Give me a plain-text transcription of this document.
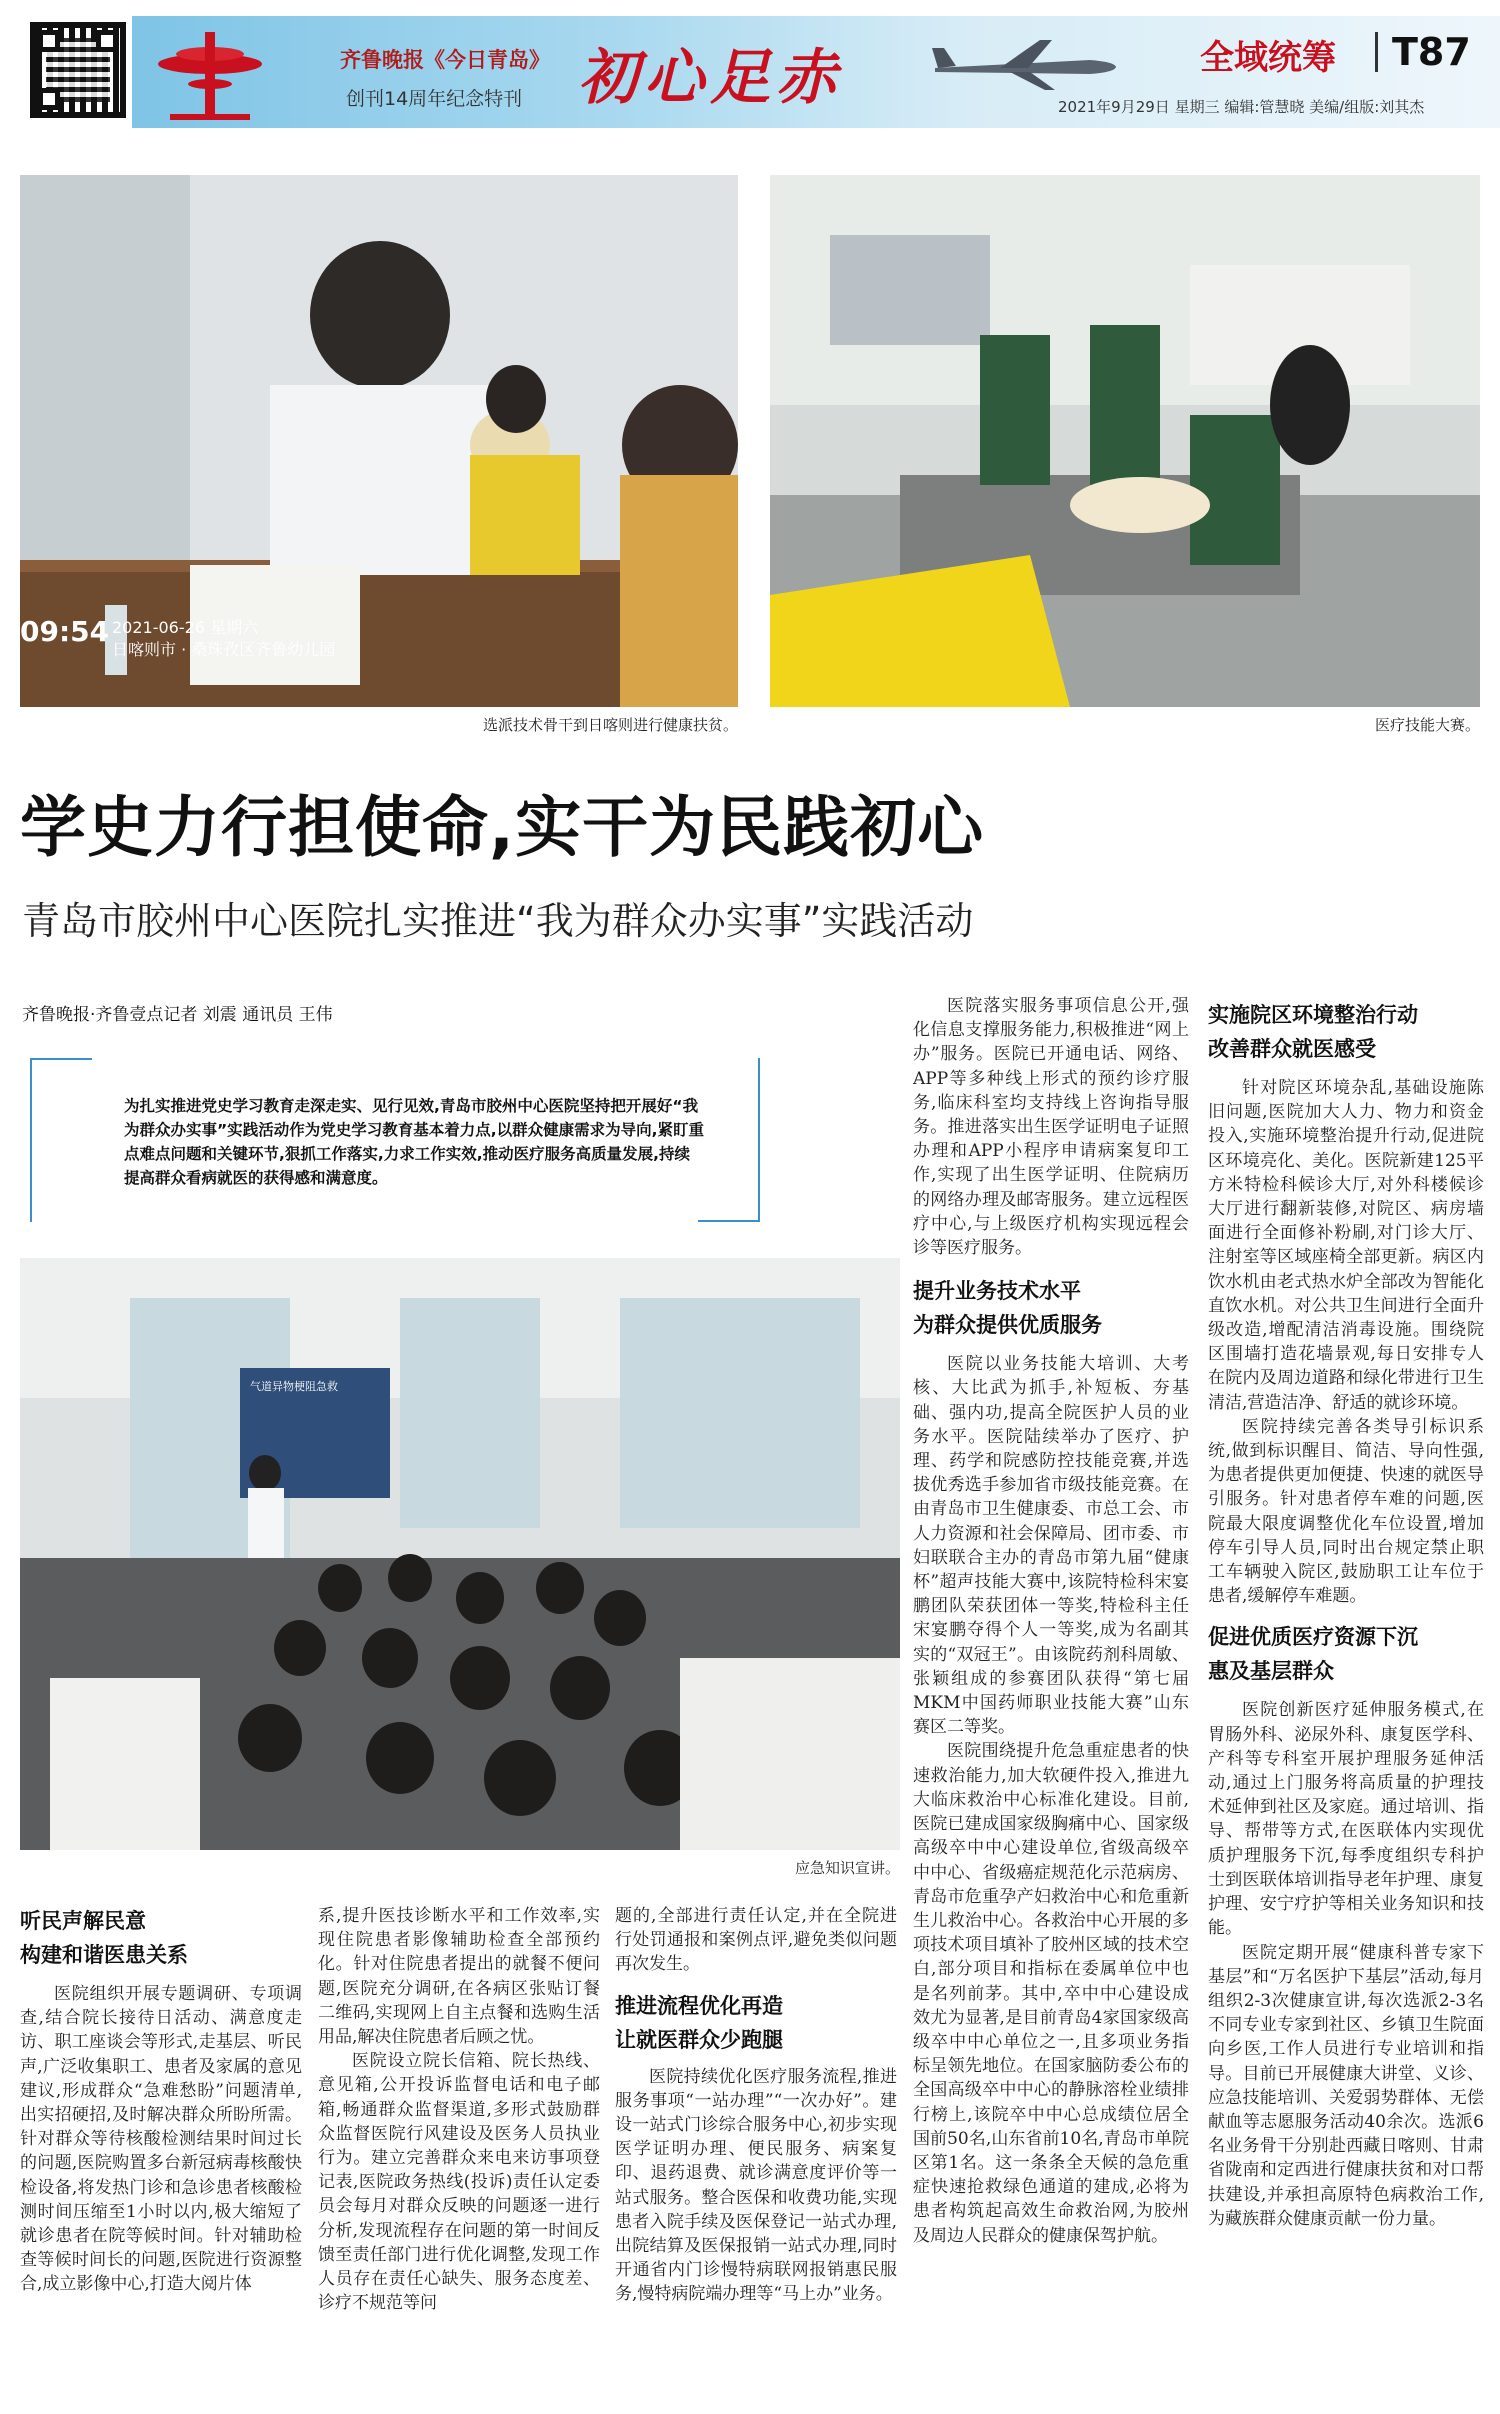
齐鲁晚报《今日青岛》
创刊14周年纪念特刊 初心足赤	全域统筹 T87
2021年9月29日 星期三 编辑:管慧晓 美编/组版:刘其杰
09:54 2021-06-26 星期六
日喀则市 · 桑珠孜区齐鲁幼儿园
选派技术骨干到日喀则进行健康扶贫。	医疗技能大赛。
学史力行担使命,实干为民践初心
青岛市胶州中心医院扎实推进“我为群众办实事”实践活动
齐鲁晚报·齐鲁壹点记者 刘震 通讯员 王伟
为扎实推进党史学习教育走深走实、见行见效,青岛市胶州中心医院坚持把开展好“我为群众办实事”实践活动作为党史学习教育基本着力点,以群众健康需求为导向,紧盯重点难点问题和关键环节,狠抓工作落实,力求工作实效,推动医疗服务高质量发展,持续提高群众看病就医的获得感和满意度。
气道异物梗阻急救
应急知识宣讲。
听民声解民意
构建和谐医患关系

医院组织开展专题调研、专项调查,结合院长接待日活动、满意度走访、职工座谈会等形式,走基层、听民声,广泛收集职工、患者及家属的意见建议,形成群众“急难愁盼”问题清单,出实招硬招,及时解决群众所盼所需。针对群众等待核酸检测结果时间过长的问题,医院购置多台新冠病毒核酸快检设备,将发热门诊和急诊患者核酸检测时间压缩至1小时以内,极大缩短了就诊患者在院等候时间。针对辅助检查等候时间长的问题,医院进行资源整合,成立影像中心,打造大阅片体

系,提升医技诊断水平和工作效率,实现住院患者影像辅助检查全部预约化。针对住院患者提出的就餐不便问题,医院充分调研,在各病区张贴订餐二维码,实现网上自主点餐和选购生活用品,解决住院患者后顾之忧。

医院设立院长信箱、院长热线、意见箱,公开投诉监督电话和电子邮箱,畅通群众监督渠道,多形式鼓励群众监督医院行风建设及医务人员执业行为。建立完善群众来电来访事项登记表,医院政务热线(投诉)责任认定委员会每月对群众反映的问题逐一进行分析,发现流程存在问题的第一时间反馈至责任部门进行优化调整,发现工作人员存在责任心缺失、服务态度差、诊疗不规范等问

题的,全部进行责任认定,并在全院进行处罚通报和案例点评,避免类似问题再次发生。

推进流程优化再造
让就医群众少跑腿

医院持续优化医疗服务流程,推进服务事项“一站办理”“一次办好”。建设一站式门诊综合服务中心,初步实现医学证明办理、便民服务、病案复印、退药退费、就诊满意度评价等一站式服务。整合医保和收费功能,实现患者入院手续及医保登记一站式办理,出院结算及医保报销一站式办理,同时开通省内门诊慢特病联网报销惠民服务,慢特病院端办理等“马上办”业务。

医院落实服务事项信息公开,强化信息支撑服务能力,积极推进“网上办”服务。医院已开通电话、网络、APP等多种线上形式的预约诊疗服务,临床科室均支持线上咨询指导服务。推进落实出生医学证明电子证照办理和APP小程序申请病案复印工作,实现了出生医学证明、住院病历的网络办理及邮寄服务。建立远程医疗中心,与上级医疗机构实现远程会诊等医疗服务。

提升业务技术水平
为群众提供优质服务

医院以业务技能大培训、大考核、大比武为抓手,补短板、夯基础、强内功,提高全院医护人员的业务水平。医院陆续举办了医疗、护理、药学和院感防控技能竞赛,并选拔优秀选手参加省市级技能竞赛。在由青岛市卫生健康委、市总工会、市人力资源和社会保障局、团市委、市妇联联合主办的青岛市第九届“健康杯”超声技能大赛中,该院特检科宋宴鹏团队荣获团体一等奖,特检科主任宋宴鹏夺得个人一等奖,成为名副其实的“双冠王”。由该院药剂科周敏、张颖组成的参赛团队获得“第七届MKM中国药师职业技能大赛”山东赛区二等奖。

医院围绕提升危急重症患者的快速救治能力,加大软硬件投入,推进九大临床救治中心标准化建设。目前,医院已建成国家级胸痛中心、国家级高级卒中中心建设单位,省级高级卒中中心、省级癌症规范化示范病房、青岛市危重孕产妇救治中心和危重新生儿救治中心。各救治中心开展的多项技术项目填补了胶州区域的技术空白,部分项目和指标在委属单位中也是名列前茅。其中,卒中中心建设成效尤为显著,是目前青岛4家国家级高级卒中中心单位之一,且多项业务指标呈领先地位。在国家脑防委公布的全国高级卒中中心的静脉溶栓业绩排行榜上,该院卒中中心总成绩位居全国前50名,山东省前10名,青岛市单院区第1名。这一条条全天候的急危重症快速抢救绿色通道的建成,必将为患者构筑起高效生命救治网,为胶州及周边人民群众的健康保驾护航。

实施院区环境整治行动
改善群众就医感受

针对院区环境杂乱,基础设施陈旧问题,医院加大人力、物力和资金投入,实施环境整治提升行动,促进院区环境亮化、美化。医院新建125平方米特检科候诊大厅,对外科楼候诊大厅进行翻新装修,对院区、病房墙面进行全面修补粉刷,对门诊大厅、注射室等区域座椅全部更新。病区内饮水机由老式热水炉全部改为智能化直饮水机。对公共卫生间进行全面升级改造,增配清洁消毒设施。围绕院区围墙打造花墙景观,每日安排专人在院内及周边道路和绿化带进行卫生清洁,营造洁净、舒适的就诊环境。

医院持续完善各类导引标识系统,做到标识醒目、简洁、导向性强,为患者提供更加便捷、快速的就医导引服务。针对患者停车难的问题,医院最大限度调整优化车位设置,增加停车引导人员,同时出台规定禁止职工车辆驶入院区,鼓励职工让车位于患者,缓解停车难题。

促进优质医疗资源下沉
惠及基层群众

医院创新医疗延伸服务模式,在胃肠外科、泌尿外科、康复医学科、产科等专科室开展护理服务延伸活动,通过上门服务将高质量的护理技术延伸到社区及家庭。通过培训、指导、帮带等方式,在医联体内实现优质护理服务下沉,每季度组织专科护士到医联体培训指导老年护理、康复护理、安宁疗护等相关业务知识和技能。

医院定期开展“健康科普专家下基层”和“万名医护下基层”活动,每月组织2-3次健康宣讲,每次选派2-3名不同专业专家到社区、乡镇卫生院面向乡医,工作人员进行专业培训和指导。目前已开展健康大讲堂、义诊、应急技能培训、关爱弱势群体、无偿献血等志愿服务活动40余次。选派6名业务骨干分别赴西藏日喀则、甘肃省陇南和定西进行健康扶贫和对口帮扶建设,并承担高原特色病救治工作,为藏族群众健康贡献一份力量。
